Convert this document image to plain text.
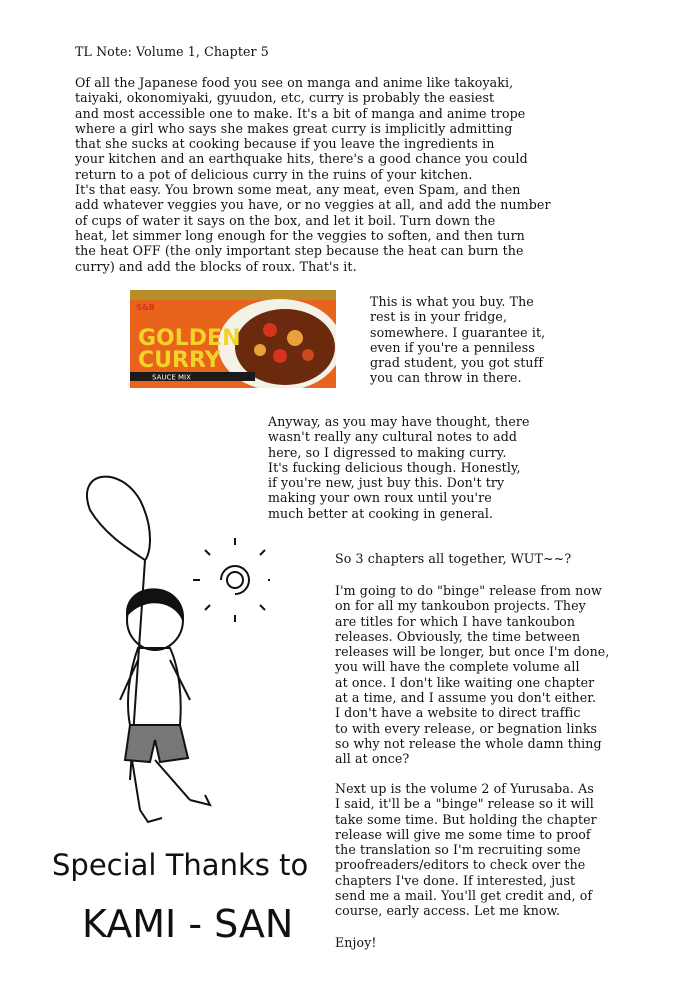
TL Note: Volume 1, Chapter 5
Of all the Japanese food you see on manga and anime like takoyaki,
taiyaki, okonomiyaki, gyuudon, etc, curry is probably the easiest
and most accessible one to make. It's a bit of manga and anime trope
where a girl who says she makes great curry is implicitly admitting
that she sucks at cooking because if you leave the ingredients in
your kitchen and an earthquake hits, there's a good chance you could
return to a pot of delicious curry in the ruins of your kitchen.
It's that easy. You brown some meat, any meat, even Spam, and then
add whatever veggies you have, or no veggies at all, and add the number
of cups of water it says on the box, and let it boil. Turn down the
heat, let simmer long enough for the veggies to soften, and then turn
the heat OFF (the only important step because the heat can burn the
curry) and add the blocks of roux. That's it.
S&B
GOLDEN
CURRY
SAUCE MIX
This is what you buy. The
rest is in your fridge,
somewhere. I guarantee it,
even if you're a penniless
grad student, you got stuff
you can throw in there.
Anyway, as you may have thought, there
wasn't really any cultural notes to add
here, so I digressed to making curry.
It's fucking delicious though. Honestly,
if you're new, just buy this. Don't try
making your own roux until you're
much better at cooking in general.
So 3 chapters all together, WUT~~?
I'm going to do "binge" release from now
on for all my tankoubon projects. They
are titles for which I have tankoubon
releases. Obviously, the time between
releases will be longer, but once I'm done,
you will have the complete volume all
at once. I don't like waiting one chapter
at a time, and I assume you don't either.
I don't have a website to direct traffic
to with every release, or begnation links
so why not release the whole damn thing
all at once?
Next up is the volume 2 of Yurusaba. As
I said, it'll be a "binge" release so it will
take some time. But holding the chapter
release will give me some time to proof
the translation so I'm recruiting some
proofreaders/editors to check over the
chapters I've done. If interested, just
send me a mail. You'll get credit and, of
course, early access. Let me know.
Enjoy!
Special Thanks to
KAMI - SAN
